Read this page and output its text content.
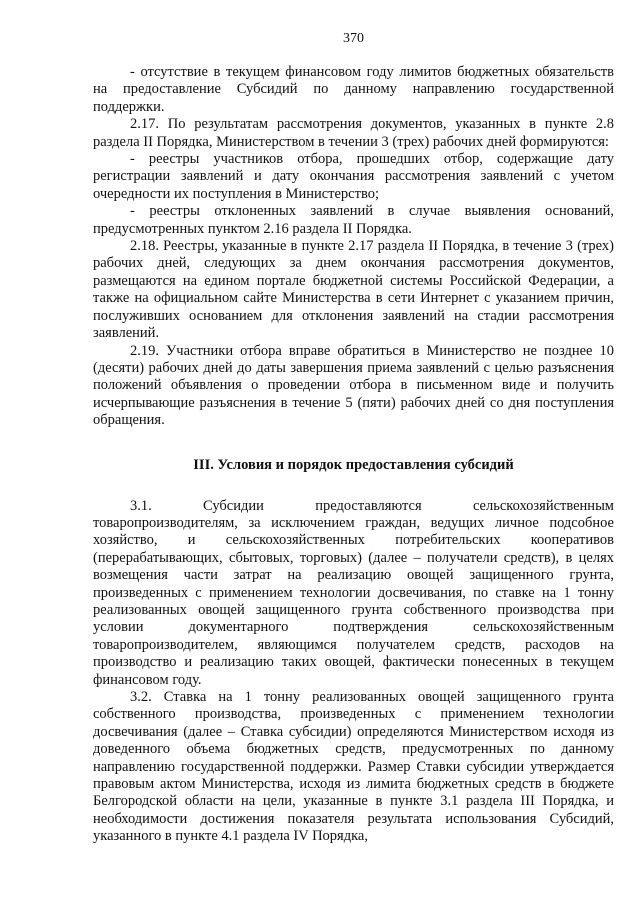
370

- отсутствие в текущем финансовом году лимитов бюджетных обязательств на предоставление Субсидий по данному направлению государственной поддержки.

2.17. По результатам рассмотрения документов, указанных в пункте 2.8 раздела II Порядка, Министерством в течении 3 (трех) рабочих дней формируются:

- реестры участников отбора, прошедших отбор, содержащие дату регистрации заявлений и дату окончания рассмотрения заявлений с учетом очередности их поступления в Министерство;

- реестры отклоненных заявлений в случае выявления оснований, предусмотренных пунктом 2.16 раздела II Порядка.

2.18. Реестры, указанные в пункте 2.17 раздела II Порядка, в течение 3 (трех) рабочих дней, следующих за днем окончания рассмотрения документов, размещаются на едином портале бюджетной системы Российской Федерации, а также на официальном сайте Министерства в сети Интернет с указанием причин, послуживших основанием для отклонения заявлений на стадии рассмотрения заявлений.

2.19. Участники отбора вправе обратиться в Министерство не позднее 10 (десяти) рабочих дней до даты завершения приема заявлений с целью разъяснения положений объявления о проведении отбора в письменном виде и получить исчерпывающие разъяснения в течение 5 (пяти) рабочих дней со дня поступления обращения.

III. Условия и порядок предоставления субсидий

3.1. Субсидии предоставляются сельскохозяйственным товаропроизводителям, за исключением граждан, ведущих личное подсобное хозяйство, и сельскохозяйственных потребительских кооперативов (перерабатывающих, сбытовых, торговых) (далее – получатели средств), в целях возмещения части затрат на реализацию овощей защищенного грунта, произведенных с применением технологии досвечивания, по ставке на 1 тонну реализованных овощей защищенного грунта собственного производства при условии документарного подтверждения сельскохозяйственным товаропроизводителем, являющимся получателем средств, расходов на производство и реализацию таких овощей, фактически понесенных в текущем финансовом году.

3.2. Ставка на 1 тонну реализованных овощей защищенного грунта собственного производства, произведенных с применением технологии досвечивания (далее – Ставка субсидии) определяются Министерством исходя из доведенного объема бюджетных средств, предусмотренных по данному направлению государственной поддержки. Размер Ставки субсидии утверждается правовым актом Министерства, исходя из лимита бюджетных средств в бюджете Белгородской области на цели, указанные в пункте 3.1 раздела III Порядка, и необходимости достижения показателя результата использования Субсидий, указанного в пункте 4.1 раздела IV Порядка,
